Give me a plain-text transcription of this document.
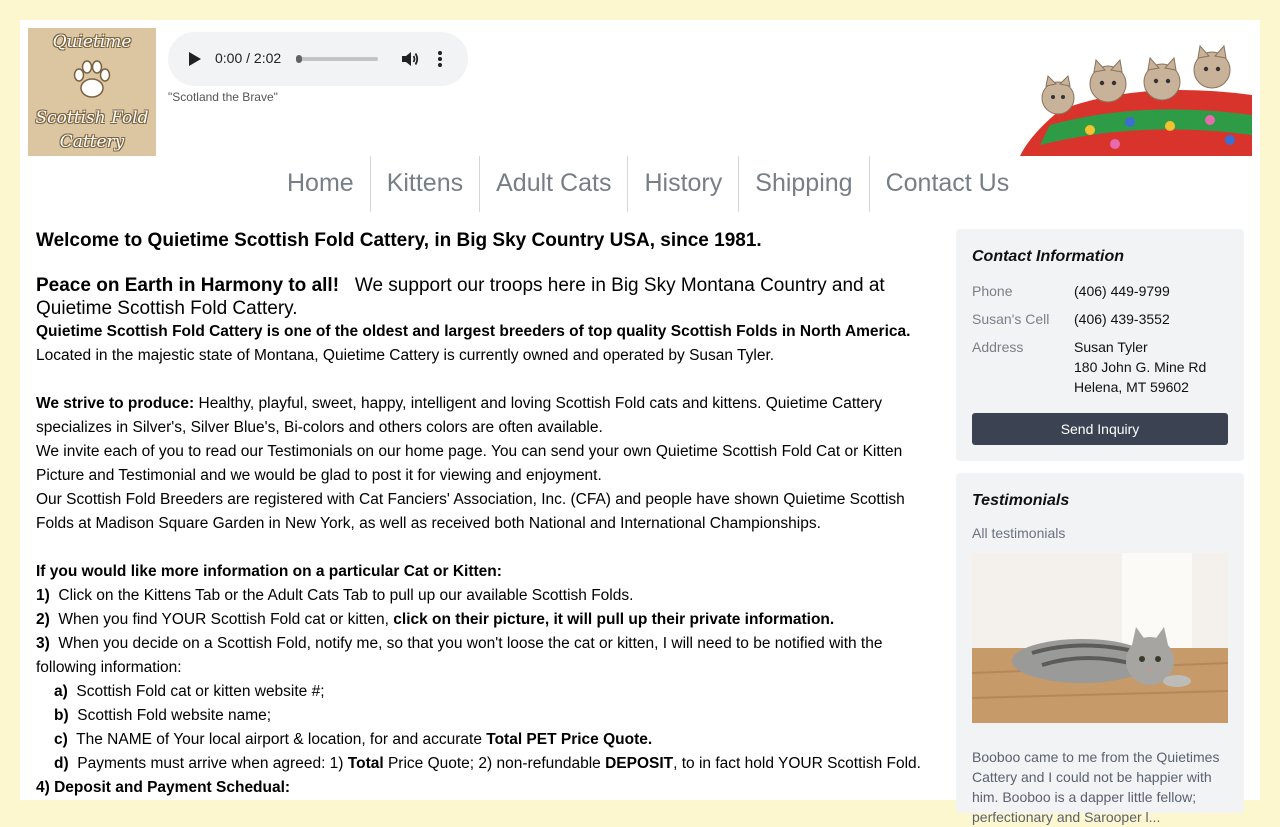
Quietime
Scottish Fold
Cattery
0:00 / 2:02
"Scotland the Brave"
Home	Kittens	Adult Cats	History	Shipping	Contact Us

Welcome to Quietime Scottish Fold Cattery, in Big Sky Country USA, since 1981.

Peace on Earth in Harmony to all! We support our troops here in Big Sky Montana Country and at Quietime Scottish Fold Cattery.

Quietime Scottish Fold Cattery is one of the oldest and largest breeders of top quality Scottish Folds in North America. Located in the majestic state of Montana, Quietime Cattery is currently owned and operated by Susan Tyler.

We strive to produce: Healthy, playful, sweet, happy, intelligent and loving Scottish Fold cats and kittens. Quietime Cattery specializes in Silver's, Silver Blue's, Bi-colors and others colors are often available.

We invite each of you to read our Testimonials on our home page. You can send your own Quietime Scottish Fold Cat or Kitten Picture and Testimonial and we would be glad to post it for viewing and enjoyment.

Our Scottish Fold Breeders are registered with Cat Fanciers' Association, Inc. (CFA) and people have shown Quietime Scottish Folds at Madison Square Garden in New York, as well as received both National and International Championships.

If you would like more information on a particular Cat or Kitten:

1) Click on the Kittens Tab or the Adult Cats Tab to pull up our available Scottish Folds.

2) When you find YOUR Scottish Fold cat or kitten, click on their picture, it will pull up their private information.

3) When you decide on a Scottish Fold, notify me, so that you won't loose the cat or kitten, I will need to be notified with the following information:

a) Scottish Fold cat or kitten website #;

b) Scottish Fold website name;

c) The NAME of Your local airport & location, for and accurate Total PET Price Quote.

d) Payments must arrive when agreed: 1) Total Price Quote; 2) non-refundable DEPOSIT, to in fact hold YOUR Scottish Fold.

4) Deposit and Payment Schedual:

Contact Information
Phone	(406) 449-9799
Susan's Cell	(406) 439-3552
Address	Susan Tyler
180 John G. Mine Rd
Helena, MT 59602
Send Inquiry
Testimonials
All testimonials

Booboo came to me from the Quietimes Cattery and I could not be happier with him. Booboo is a dapper little fellow; perfectionary and Sarooper l...
